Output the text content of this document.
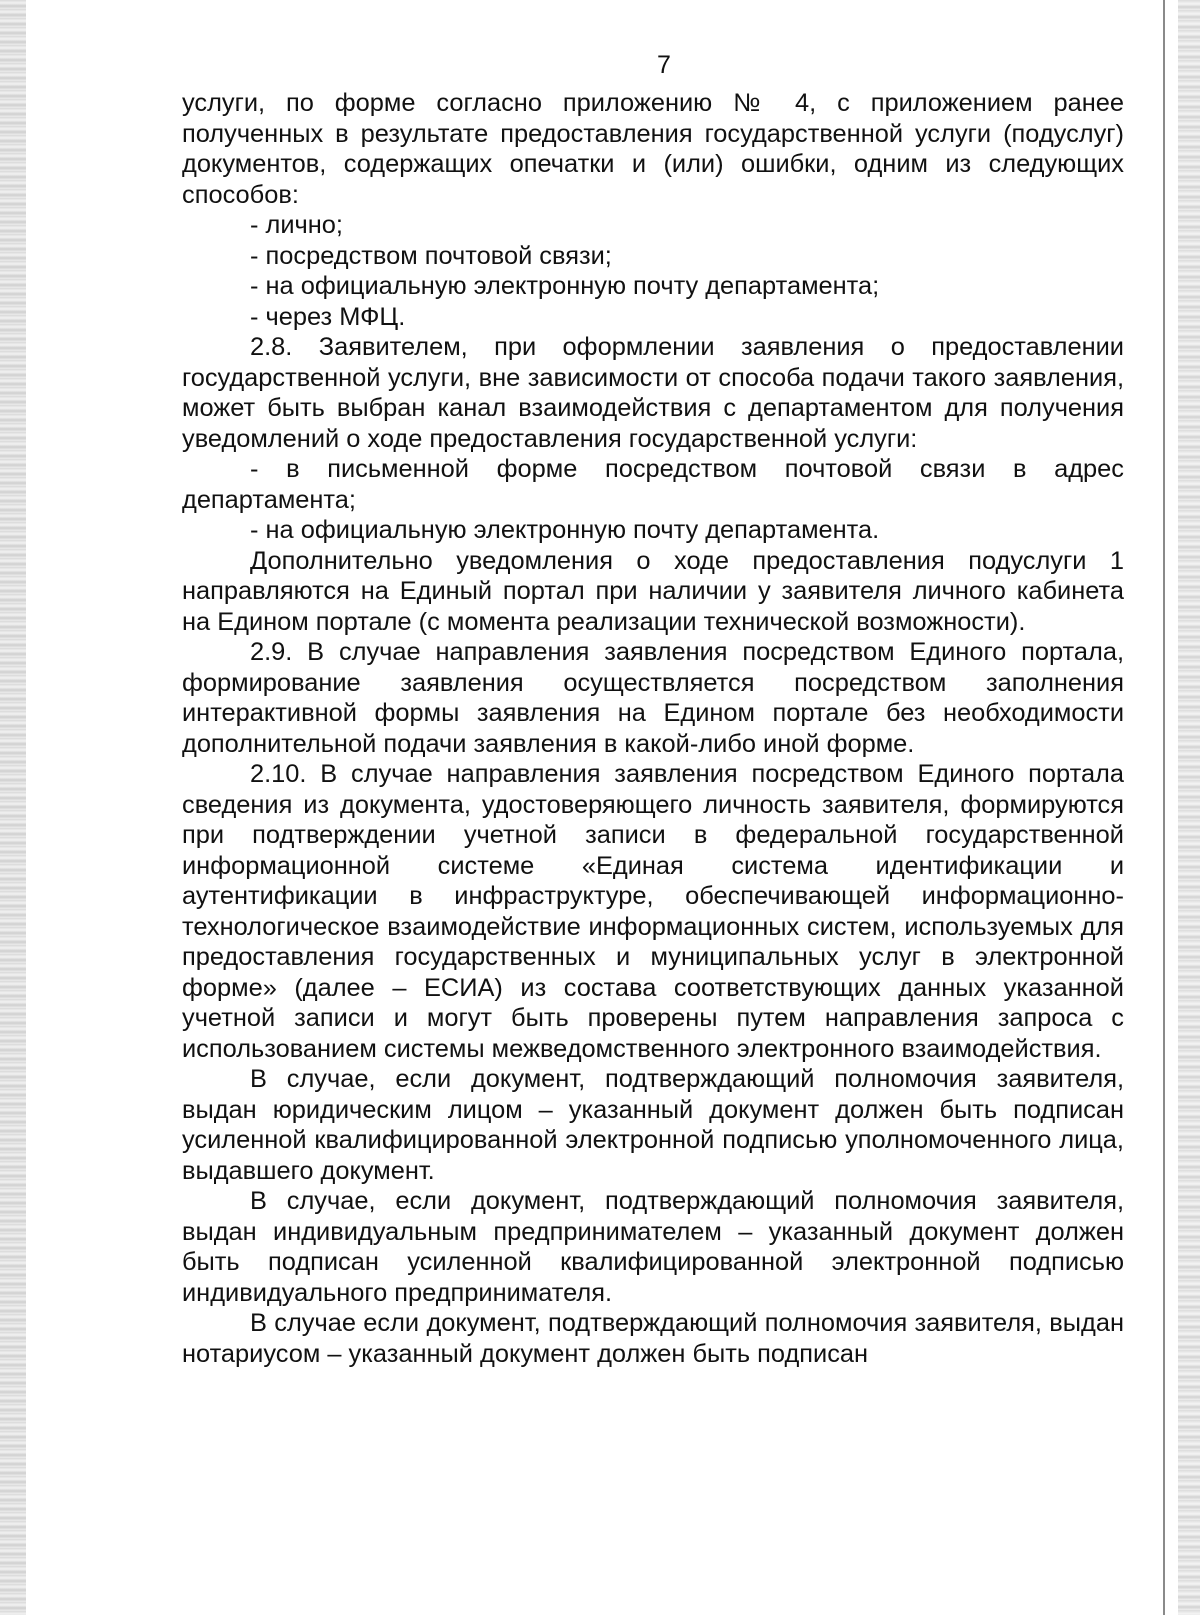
7

услуги, по форме согласно приложению № 4, с приложением ранее полученных в результате предоставления государственной услуги (подуслуг) документов, содержащих опечатки и (или) ошибки, одним из следующих способов:

- лично;

- посредством почтовой связи;

- на официальную электронную почту департамента;

- через МФЦ.

2.8. Заявителем, при оформлении заявления о предоставлении государственной услуги, вне зависимости от способа подачи такого заявления, может быть выбран канал взаимодействия с департаментом для получения уведомлений о ходе предоставления государственной услуги:

- в письменной форме посредством почтовой связи в адрес департамента;

- на официальную электронную почту департамента.

Дополнительно уведомления о ходе предоставления подуслуги 1 направляются на Единый портал при наличии у заявителя личного кабинета на Едином портале (с момента реализации технической возможности).

2.9. В случае направления заявления посредством Единого портала, формирование заявления осуществляется посредством заполнения интерактивной формы заявления на Едином портале без необходимости дополнительной подачи заявления в какой-либо иной форме.

2.10. В случае направления заявления посредством Единого портала сведения из документа, удостоверяющего личность заявителя, формируются при подтверждении учетной записи в федеральной государственной информационной системе «Единая система идентификации и аутентификации в инфраструктуре, обеспечивающей информационно-технологическое взаимодействие информационных систем, используемых для предоставления государственных и муниципальных услуг в электронной форме» (далее – ЕСИА) из состава соответствующих данных указанной учетной записи и могут быть проверены путем направления запроса с использованием системы межведомственного электронного взаимодействия.

В случае, если документ, подтверждающий полномочия заявителя, выдан юридическим лицом – указанный документ должен быть подписан усиленной квалифицированной электронной подписью уполномоченного лица, выдавшего документ.

В случае, если документ, подтверждающий полномочия заявителя, выдан индивидуальным предпринимателем – указанный документ должен быть подписан усиленной квалифицированной электронной подписью индивидуального предпринимателя.

В случае если документ, подтверждающий полномочия заявителя, выдан нотариусом – указанный документ должен быть подписан
